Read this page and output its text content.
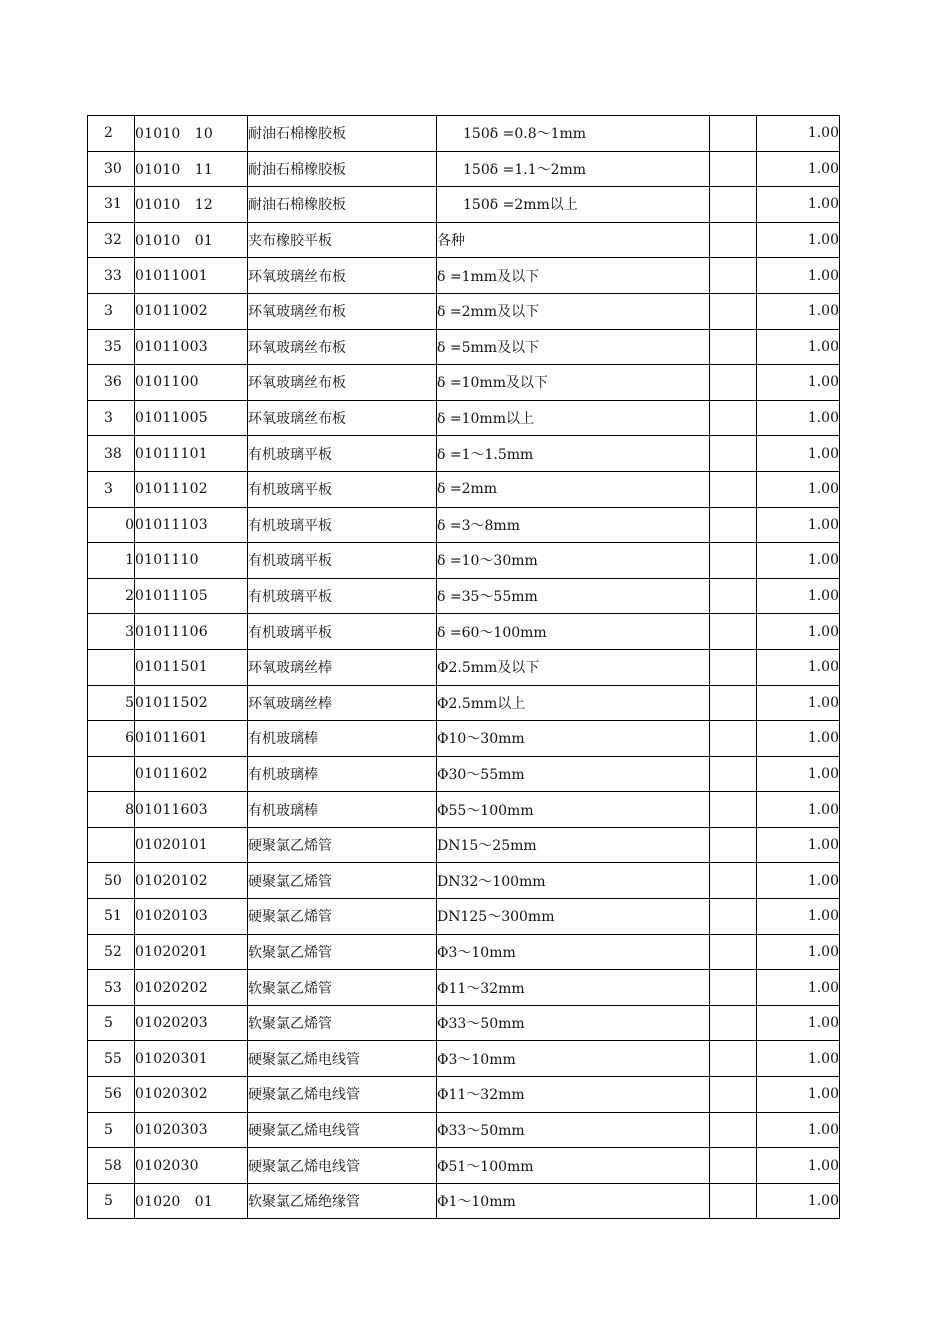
2	01010　10	耐油石棉橡胶板	150δ =0.8～1mm		1.00
30	01010　11	耐油石棉橡胶板	150δ =1.1～2mm		1.00
31	01010　12	耐油石棉橡胶板	150δ =2mm以上		1.00
32	01010　01	夹布橡胶平板	各种		1.00
33	01011001	环氧玻璃丝布板	δ =1mm及以下		1.00
3	01011002	环氧玻璃丝布板	δ =2mm及以下		1.00
35	01011003	环氧玻璃丝布板	δ =5mm及以下		1.00
36	0101100	环氧玻璃丝布板	δ =10mm及以下		1.00
3	01011005	环氧玻璃丝布板	δ =10mm以上		1.00
38	01011101	有机玻璃平板	δ =1～1.5mm		1.00
3	01011102	有机玻璃平板	δ =2mm		1.00
0	01011103	有机玻璃平板	δ =3～8mm		1.00
1	0101110	有机玻璃平板	δ =10～30mm		1.00
2	01011105	有机玻璃平板	δ =35～55mm		1.00
3	01011106	有机玻璃平板	δ =60～100mm		1.00
	01011501	环氧玻璃丝棒	Φ2.5mm及以下		1.00
5	01011502	环氧玻璃丝棒	Φ2.5mm以上		1.00
6	01011601	有机玻璃棒	Φ10～30mm		1.00
	01011602	有机玻璃棒	Φ30～55mm		1.00
8	01011603	有机玻璃棒	Φ55～100mm		1.00
	01020101	硬聚氯乙烯管	DN15～25mm		1.00
50	01020102	硬聚氯乙烯管	DN32～100mm		1.00
51	01020103	硬聚氯乙烯管	DN125～300mm		1.00
52	01020201	软聚氯乙烯管	Φ3～10mm		1.00
53	01020202	软聚氯乙烯管	Φ11～32mm		1.00
5	01020203	软聚氯乙烯管	Φ33～50mm		1.00
55	01020301	硬聚氯乙烯电线管	Φ3～10mm		1.00
56	01020302	硬聚氯乙烯电线管	Φ11～32mm		1.00
5	01020303	硬聚氯乙烯电线管	Φ33～50mm		1.00
58	0102030	硬聚氯乙烯电线管	Φ51～100mm		1.00
5	01020　01	软聚氯乙烯绝缘管	Φ1～10mm		1.00
